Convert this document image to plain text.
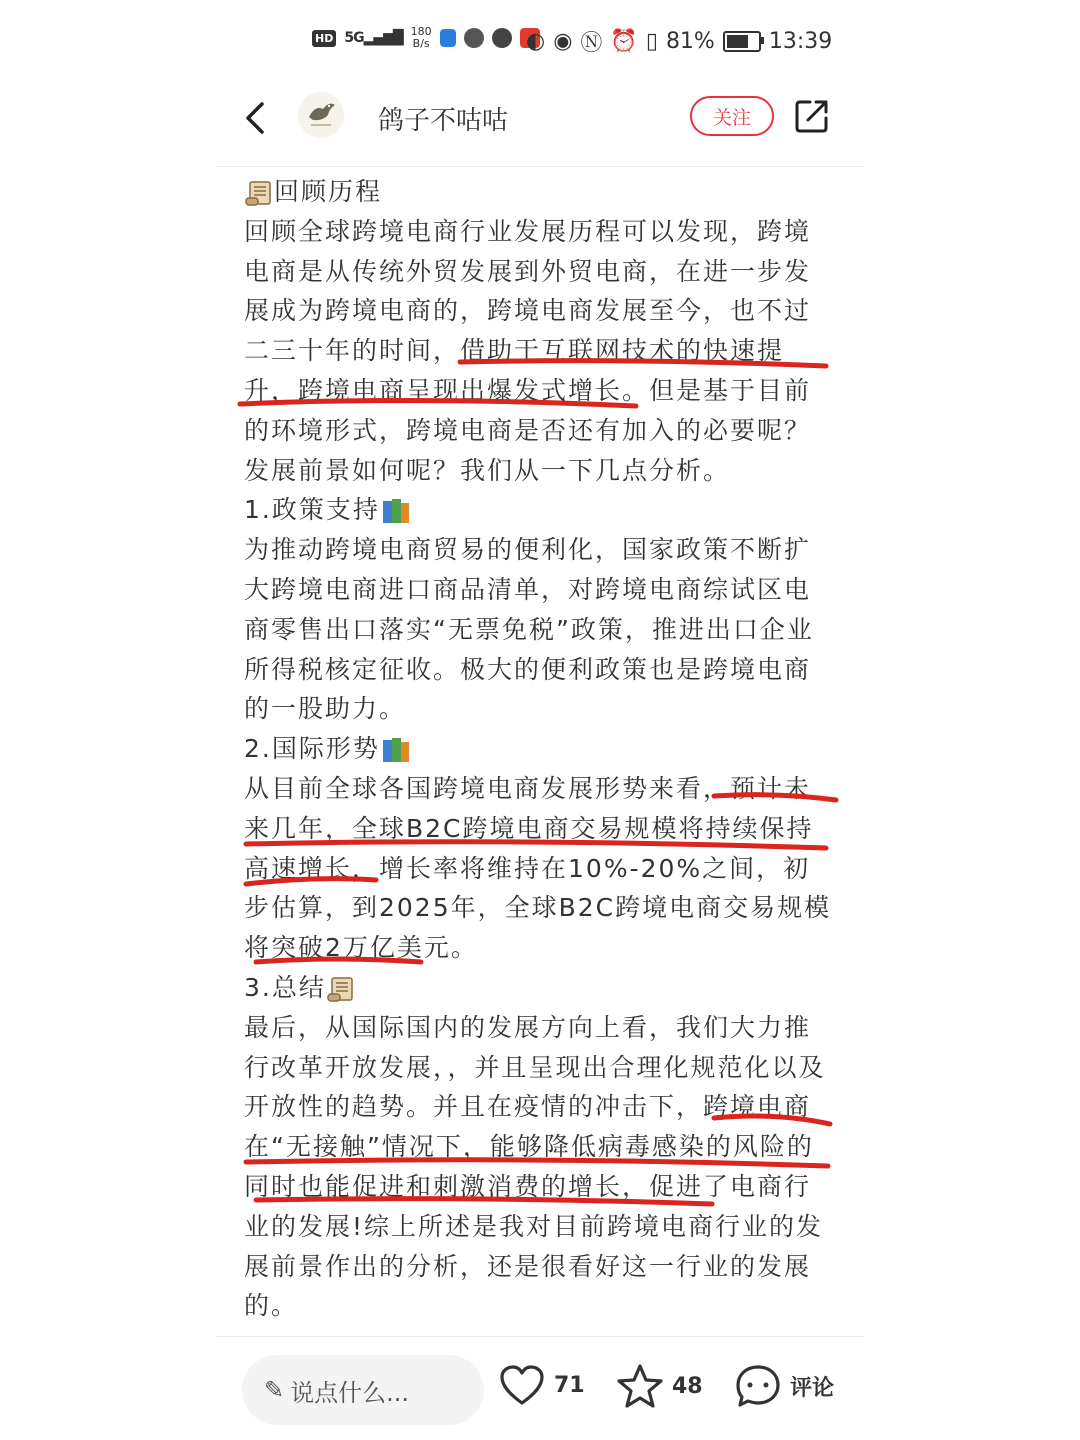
HD 5G▂▄▆█ 180
B/s	◐ ◉ Ⓝ ⏰ ▯ 81% 13:39
鸽子不咕咕	关注

回顾历程

回顾全球跨境电商行业发展历程可以发现，跨境电商是从传统外贸发展到外贸电商，在进一步发展成为跨境电商的，跨境电商发展至今，也不过二三十年的时间，借助于互联网技术的快速提升，跨境电商呈现出爆发式增长。但是基于目前的环境形式，跨境电商是否还有加入的必要呢？发展前景如何呢？我们从一下几点分析。

1.政策支持

为推动跨境电商贸易的便利化，国家政策不断扩大跨境电商进口商品清单，对跨境电商综试区电商零售出口落实“无票免税”政策，推进出口企业所得税核定征收。极大的便利政策也是跨境电商的一股助力。

2.国际形势

从目前全球各国跨境电商发展形势来看，预计未来几年，全球B2C跨境电商交易规模将持续保持高速增长，增长率将维持在10%-20%之间，初步估算，到2025年，全球B2C跨境电商交易规模将突破2万亿美元。

3.总结

最后，从国际国内的发展方向上看，我们大力推行改革开放发展，，并且呈现出合理化规范化以及开放性的趋势。并且在疫情的冲击下，跨境电商在“无接触”情况下，能够降低病毒感染的风险的同时也能促进和刺激消费的增长，促进了电商行业的发展!综上所述是我对目前跨境电商行业的发展前景作出的分析，还是很看好这一行业的发展的。

✎ 说点什么...	71	48	评论
